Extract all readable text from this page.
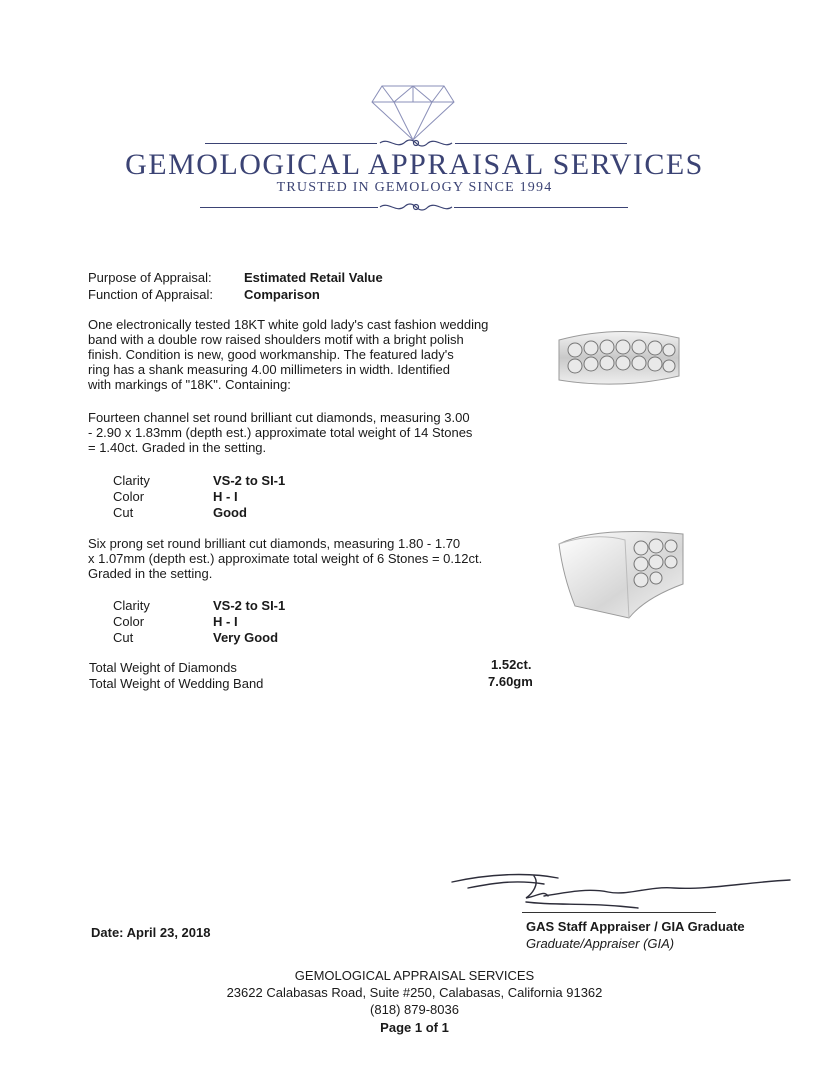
GEMOLOGICAL APPRAISAL SERVICES
TRUSTED IN GEMOLOGY SINCE 1994
Purpose of Appraisal: Estimated Retail Value
Function of Appraisal: Comparison
One electronically tested 18KT white gold lady's cast fashion wedding
band with a double row raised shoulders motif with a bright polish
finish. Condition is new, good workmanship. The featured lady's
ring has a shank measuring 4.00 millimeters in width. Identified
with markings of "18K". Containing:
Fourteen channel set round brilliant cut diamonds, measuring 3.00
- 2.90 x 1.83mm (depth est.) approximate total weight of 14 Stones
= 1.40ct. Graded in the setting.
Clarity	VS-2 to SI-1
Color	H - I
Cut	Good
Six prong set round brilliant cut diamonds, measuring 1.80 - 1.70
x 1.07mm (depth est.) approximate total weight of 6 Stones = 0.12ct.
Graded in the setting.
Clarity	VS-2 to SI-1
Color	H - I
Cut	Very Good
Total Weight of Diamonds	1.52ct.
Total Weight of Wedding Band	7.60gm
Date: April 23, 2018	GAS Staff Appraiser / GIA Graduate
Graduate/Appraiser (GIA)
GEMOLOGICAL APPRAISAL SERVICES
23622 Calabasas Road, Suite #250, Calabasas, California 91362
(818) 879-8036
Page 1 of 1
